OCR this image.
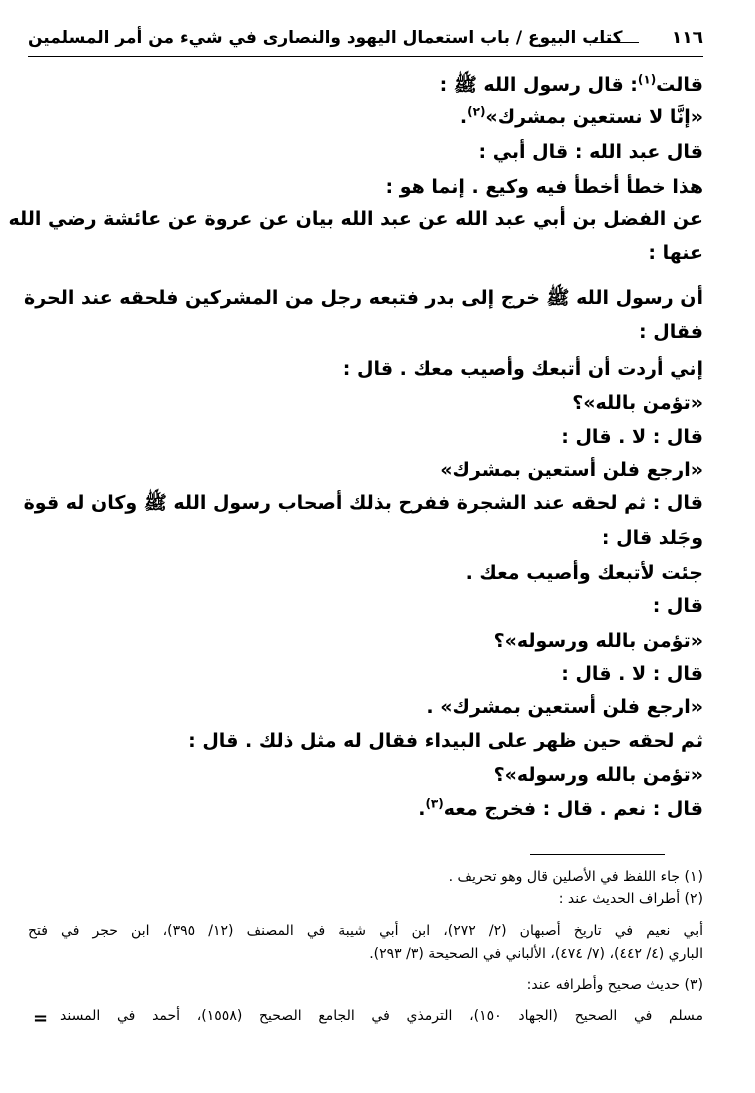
١١٦
كتاب البيوع / باب استعمال اليهود والنصارى في شيء من أمر المسلمين
قالت$^{(١)}$: قال رسول الله ﷺ :
«إنَّا لا نستعين بمشرك»$^{(٢)}$.
قال عبد الله : قال أبي :
هذا خطأ أخطأ فيه وكيع . إنما هو :
عن الفضل بن أبي عبد الله عن عبد الله بيان عن عروة عن عائشة رضي الله
عنها :
أن رسول الله ﷺ خرج إلى بدر فتبعه رجل من المشركين فلحقه عند الحرة
فقال :
إني أردت أن أتبعك وأصيب معك . قال :
«تؤمن بالله»؟
قال : لا . قال :
«ارجع فلن أستعين بمشرك»
قال : ثم لحقه عند الشجرة ففرح بذلك أصحاب رسول الله ﷺ وكان له قوة
وجَلد قال :
جئت لأتبعك وأصيب معك .
قال :
«تؤمن بالله ورسوله»؟
قال : لا . قال :
«ارجع فلن أستعين بمشرك» .
ثم لحقه حين ظهر على البيداء فقال له مثل ذلك . قال :
«تؤمن بالله ورسوله»؟
قال : نعم . قال : فخرج معه$^{(٣)}$.
(١) جاء اللفظ في الأصلين قال وهو تحريف .
(٢) أطراف الحديث عند :
أبي نعيم في تاريخ أصبهان (٢/ ٢٧٢)، ابن أبي شيبة في المصنف (١٢/ ٣٩٥)، ابن حجر في فتح
الباري (٤/ ٤٤٢)، (٧/ ٤٧٤)، الألباني في الصحيحة (٣/ ٢٩٣).
(٣) حديث صحيح وأطرافه عند:
مسلم في الصحيح (الجهاد ١٥٠)، الترمذي في الجامع الصحيح (١٥٥٨)، أحمد في المسند
=
